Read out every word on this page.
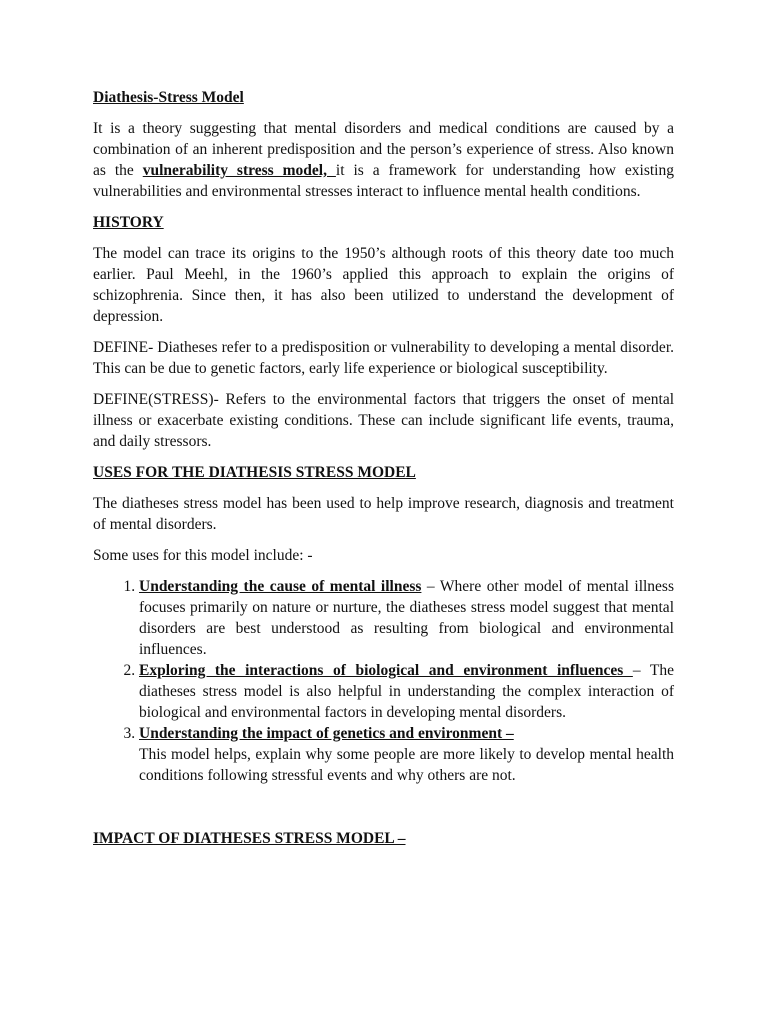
Diathesis-Stress Model

It is a theory suggesting that mental disorders and medical conditions are caused by a combination of an inherent predisposition and the person’s experience of stress. Also known as the vulnerability stress model, it is a framework for understanding how existing vulnerabilities and environmental stresses interact to influence mental health conditions.

HISTORY

The model can trace its origins to the 1950’s although roots of this theory date too much earlier. Paul Meehl, in the 1960’s applied this approach to explain the origins of schizophrenia. Since then, it has also been utilized to understand the development of depression.

DEFINE- Diatheses refer to a predisposition or vulnerability to developing a mental disorder. This can be due to genetic factors, early life experience or biological susceptibility.

DEFINE(STRESS)- Refers to the environmental factors that triggers the onset of mental illness or exacerbate existing conditions. These can include significant life events, trauma, and daily stressors.

USES FOR THE DIATHESIS STRESS MODEL

The diatheses stress model has been used to help improve research, diagnosis and treatment of mental disorders.

Some uses for this model include: -

1. Understanding the cause of mental illness – Where other model of mental illness focuses primarily on nature or nurture, the diatheses stress model suggest that mental disorders are best understood as resulting from biological and environmental influences.
2. Exploring the interactions of biological and environment influences – The diatheses stress model is also helpful in understanding the complex interaction of biological and environmental factors in developing mental disorders.
3. Understanding the impact of genetics and environment –
This model helps, explain why some people are more likely to develop mental health conditions following stressful events and why others are not.
IMPACT OF DIATHESES STRESS MODEL –
